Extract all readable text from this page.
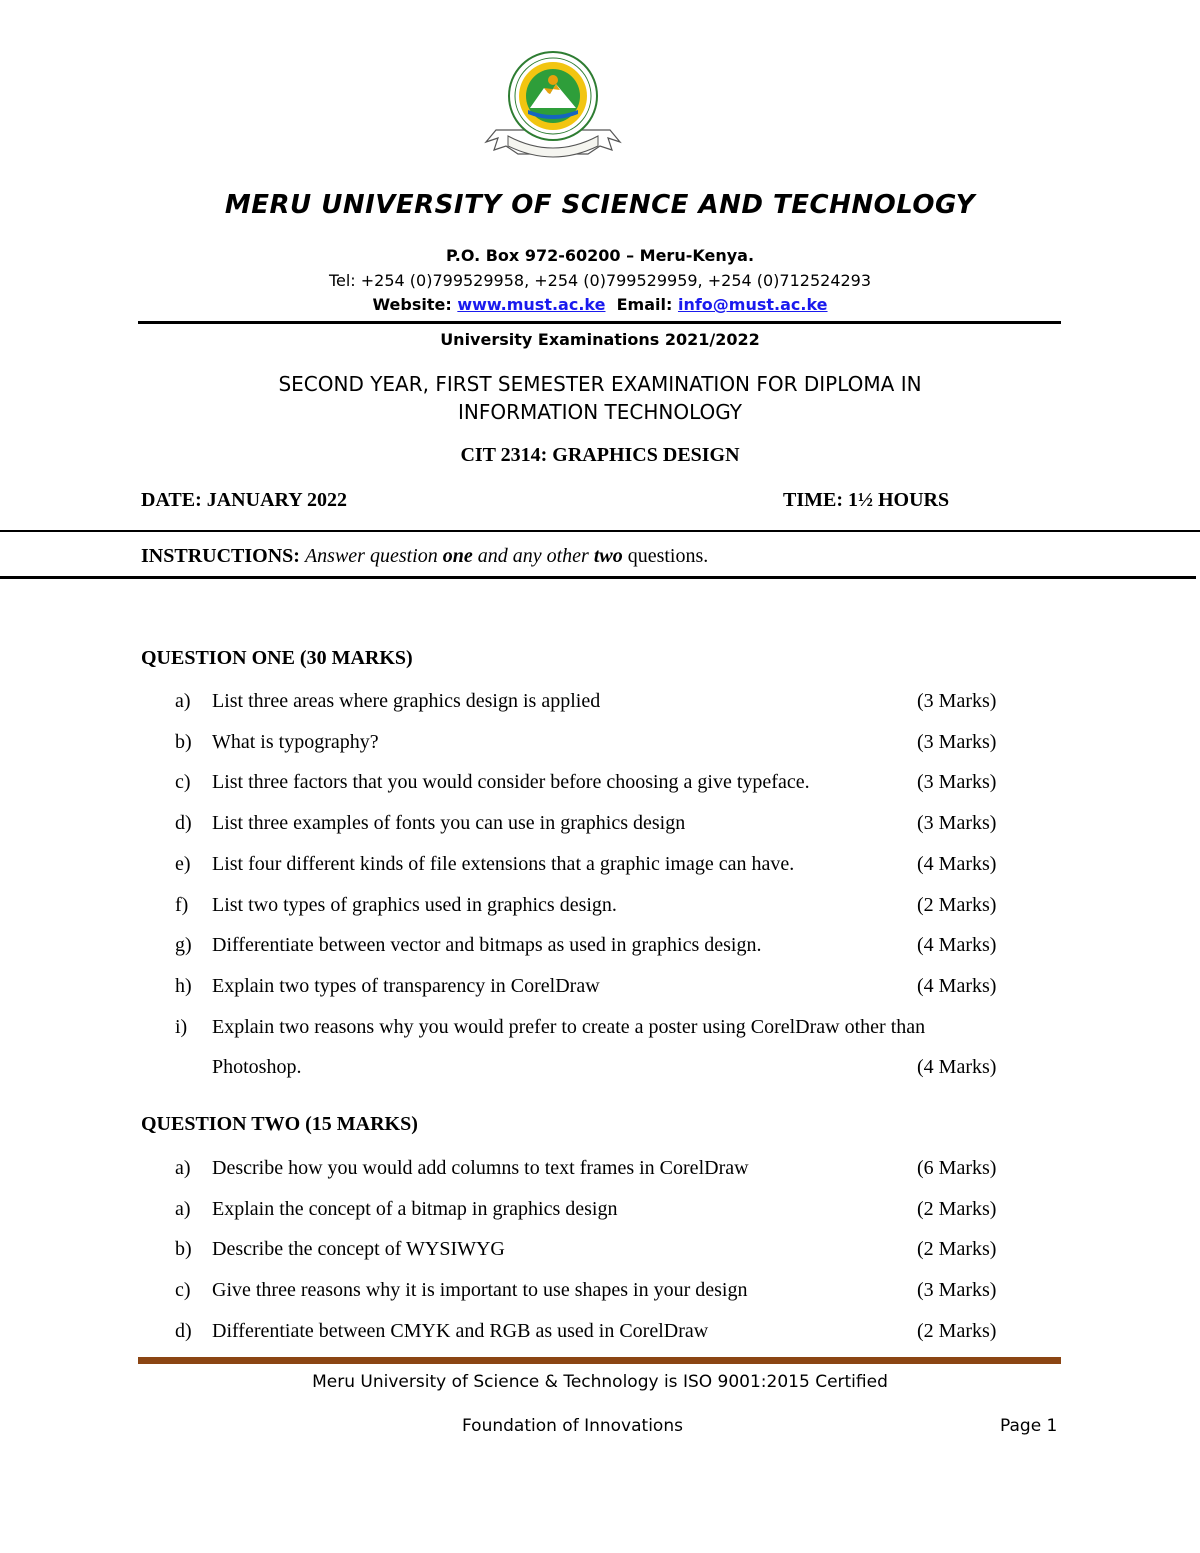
MERU UNIVERSITY OF SCIENCE AND TECHNOLOGY
P.O. Box 972-60200 – Meru-Kenya.
Tel: +254 (0)799529958, +254 (0)799529959, +254 (0)712524293
Website: www.must.ac.ke Email: info@must.ac.ke
University Examinations 2021/2022
SECOND YEAR, FIRST SEMESTER EXAMINATION FOR DIPLOMA IN
INFORMATION TECHNOLOGY
CIT 2314: GRAPHICS DESIGN
DATE: JANUARY 2022	TIME: 1½ HOURS
INSTRUCTIONS: Answer question one and any other two questions.
QUESTION ONE (30 MARKS)
a) List three areas where graphics design is applied	(3 Marks)
b) What is typography?	(3 Marks)
c) List three factors that you would consider before choosing a give typeface.	(3 Marks)
d) List three examples of fonts you can use in graphics design	(3 Marks)
e) List four different kinds of file extensions that a graphic image can have.	(4 Marks)
f) List two types of graphics used in graphics design.	(2 Marks)
g) Differentiate between vector and bitmaps as used in graphics design.	(4 Marks)
h) Explain two types of transparency in CorelDraw	(4 Marks)
i) Explain two reasons why you would prefer to create a poster using CorelDraw other than
Photoshop.	(4 Marks)
QUESTION TWO (15 MARKS)
a) Describe how you would add columns to text frames in CorelDraw	(6 Marks)
a) Explain the concept of a bitmap in graphics design	(2 Marks)
b) Describe the concept of WYSIWYG	(2 Marks)
c) Give three reasons why it is important to use shapes in your design	(3 Marks)
d) Differentiate between CMYK and RGB as used in CorelDraw	(2 Marks)
Meru University of Science & Technology is ISO 9001:2015 Certified
Foundation of Innovations	Page 1
